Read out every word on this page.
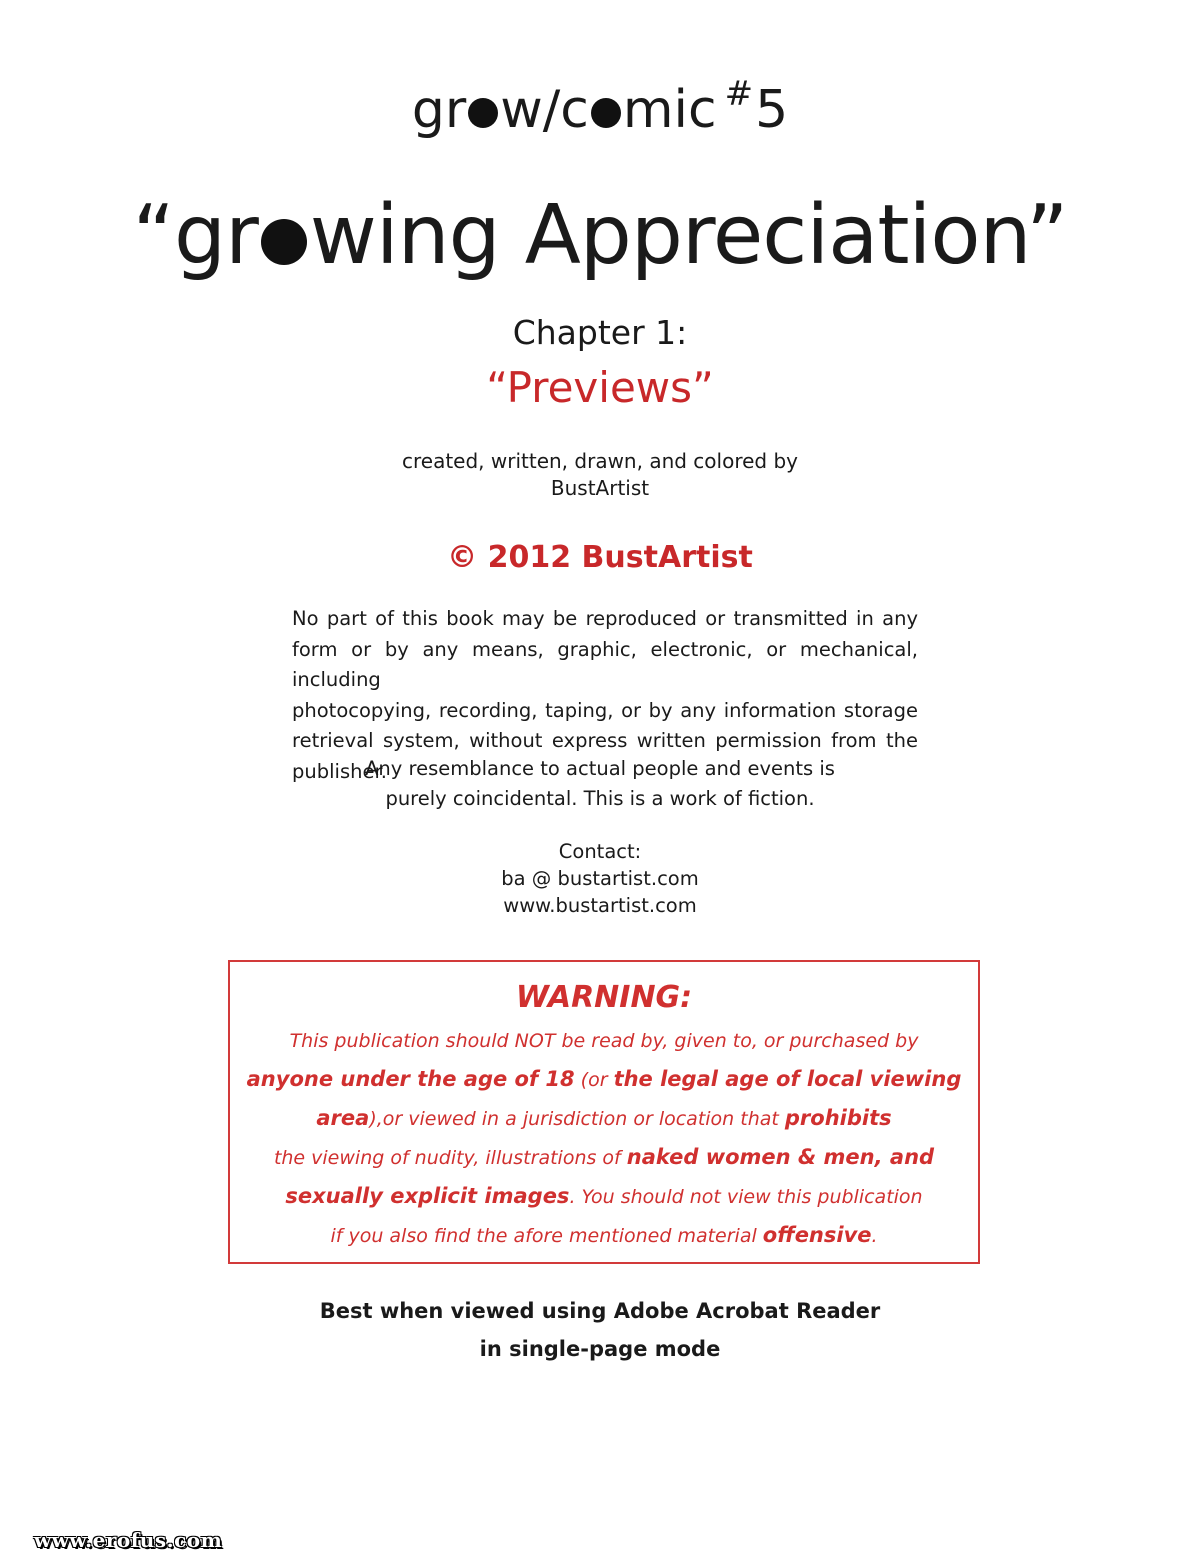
gr w/c mic #5
“gr wing Appreciation”
Chapter 1:
“Previews”
created, written, drawn, and colored by
BustArtist
© 2012 BustArtist
No part of this book may be reproduced or transmitted in any
form or by any means, graphic, electronic, or mechanical, including
photocopying, recording, taping, or by any information storage
retrieval system, without express written permission from the publisher.
Any resemblance to actual people and events is
purely coincidental. This is a work of fiction.
Contact:
ba @ bustartist.com
www.bustartist.com
WARNING:
This publication should NOT be read by, given to, or purchased by
anyone under the age of 18 (or the legal age of local viewing
area),or viewed in a jurisdiction or location that prohibits
the viewing of nudity, illustrations of naked women & men, and
sexually explicit images. You should not view this publication
if you also find the afore mentioned material offensive.
Best when viewed using Adobe Acrobat Reader
in single-page mode
www.erofus.com
